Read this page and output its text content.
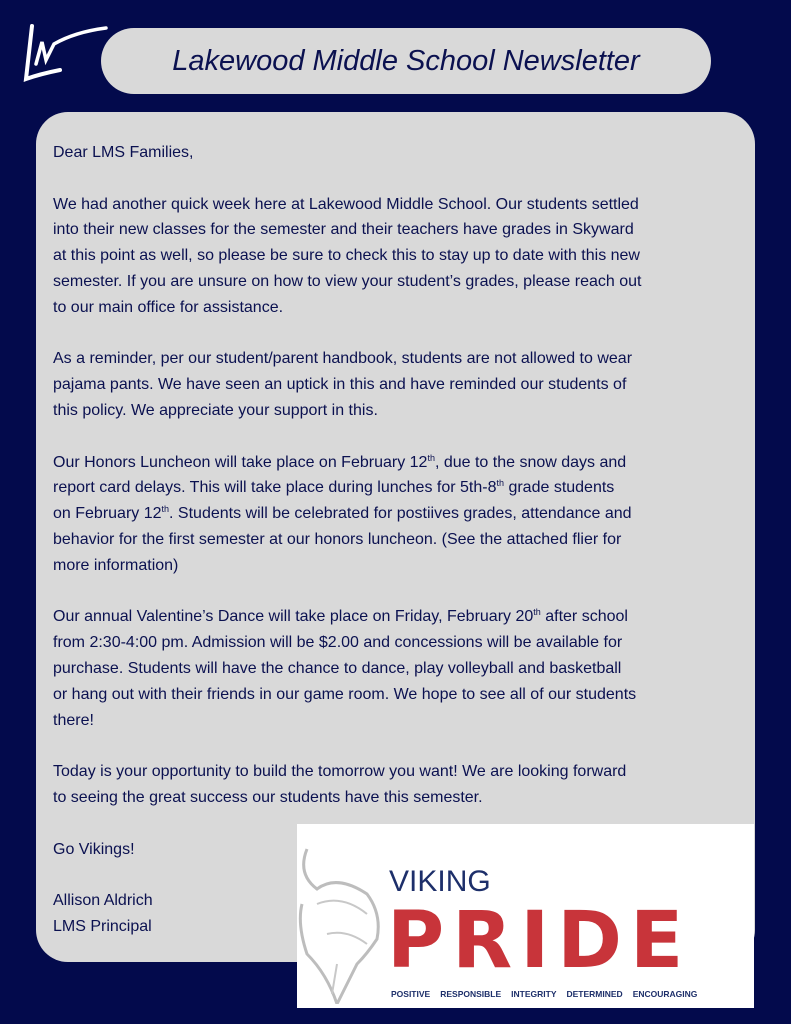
Lakewood Middle School Newsletter
Dear LMS Families,
We had another quick week here at Lakewood Middle School. Our students settled
into their new classes for the semester and their teachers have grades in Skyward
at this point as well, so please be sure to check this to stay up to date with this new
semester. If you are unsure on how to view your student’s grades, please reach out
to our main office for assistance.
As a reminder, per our student/parent handbook, students are not allowed to wear
pajama pants. We have seen an uptick in this and have reminded our students of
this policy. We appreciate your support in this.
Our Honors Luncheon will take place on February 12th, due to the snow days and
report card delays. This will take place during lunches for 5th-8th grade students
on February 12th. Students will be celebrated for postiives grades, attendance and
behavior for the first semester at our honors luncheon. (See the attached flier for
more information)
Our annual Valentine’s Dance will take place on Friday, February 20th after school
from 2:30-4:00 pm. Admission will be $2.00 and concessions will be available for
purchase. Students will have the chance to dance, play volleyball and basketball
or hang out with their friends in our game room. We hope to see all of our students
there!
Today is your opportunity to build the tomorrow you want! We are looking forward
to seeing the great success our students have this semester.
Go Vikings!
Allison Aldrich
LMS Principal
VIKING
PRIDE
POSITIVE RESPONSIBLE INTEGRITY DETERMINED ENCOURAGING
